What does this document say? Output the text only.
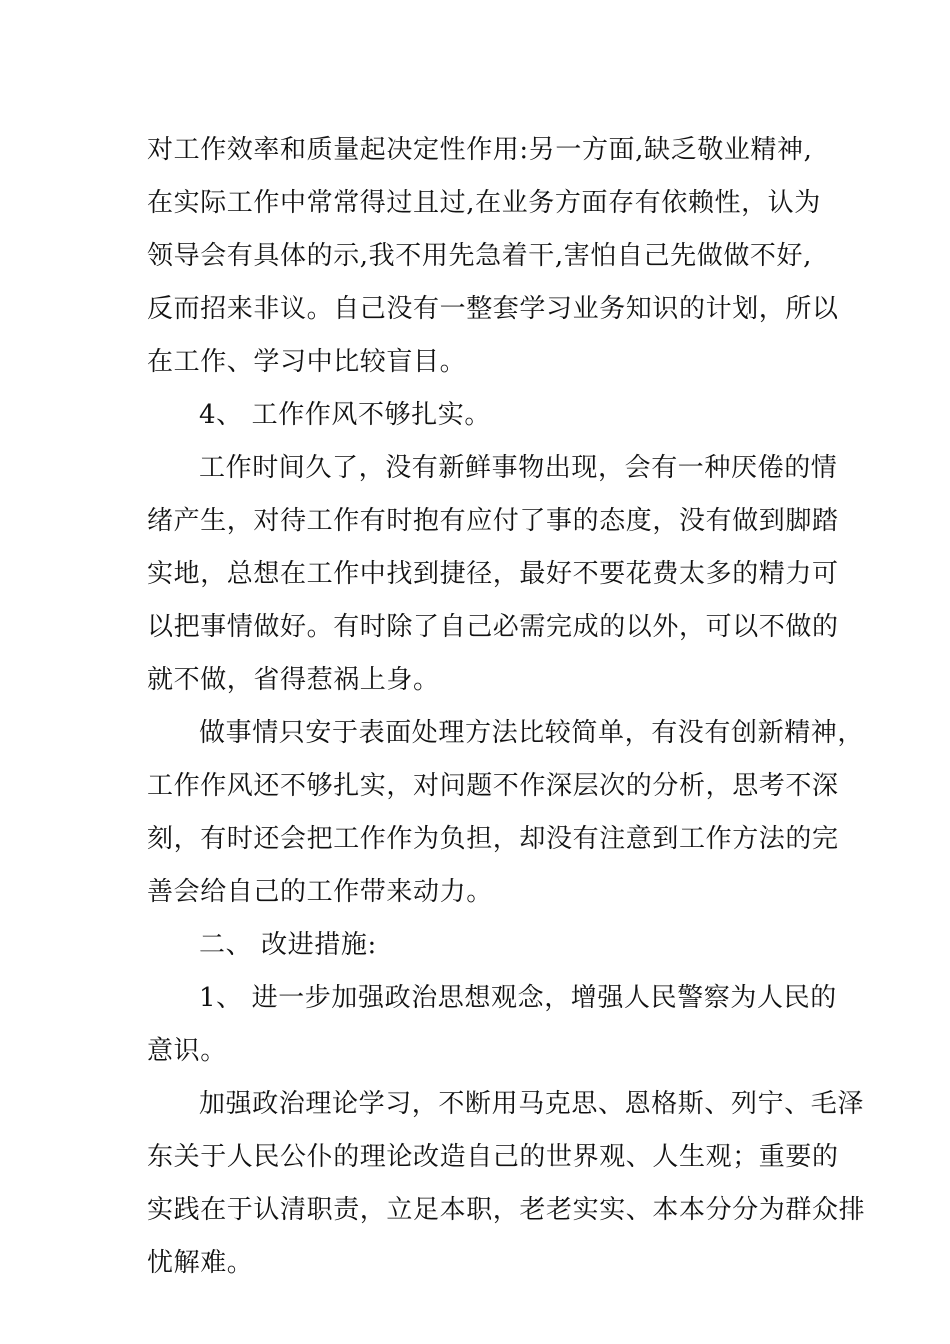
对工作效率和质量起决定性作用:另一方面,缺乏敬业精神,
在实际工作中常常得过且过,在业务方面存有依赖性，认为
领导会有具体的示,我不用先急着干,害怕自己先做做不好,
反而招来非议。自己没有一整套学习业务知识的计划，所以
在工作、学习中比较盲目。
4、 工作作风不够扎实。
工作时间久了，没有新鲜事物出现，会有一种厌倦的情
绪产生，对待工作有时抱有应付了事的态度，没有做到脚踏
实地，总想在工作中找到捷径，最好不要花费太多的精力可
以把事情做好。有时除了自己必需完成的以外，可以不做的
就不做，省得惹祸上身。
做事情只安于表面处理方法比较简单，有没有创新精神，
工作作风还不够扎实，对问题不作深层次的分析，思考不深
刻，有时还会把工作作为负担，却没有注意到工作方法的完
善会给自己的工作带来动力。
二、 改进措施:
1、 进一步加强政治思想观念，增强人民警察为人民的
意识。
加强政治理论学习，不断用马克思、恩格斯、列宁、毛泽
东关于人民公仆的理论改造自己的世界观、人生观；重要的
实践在于认清职责，立足本职，老老实实、本本分分为群众排
忧解难。
